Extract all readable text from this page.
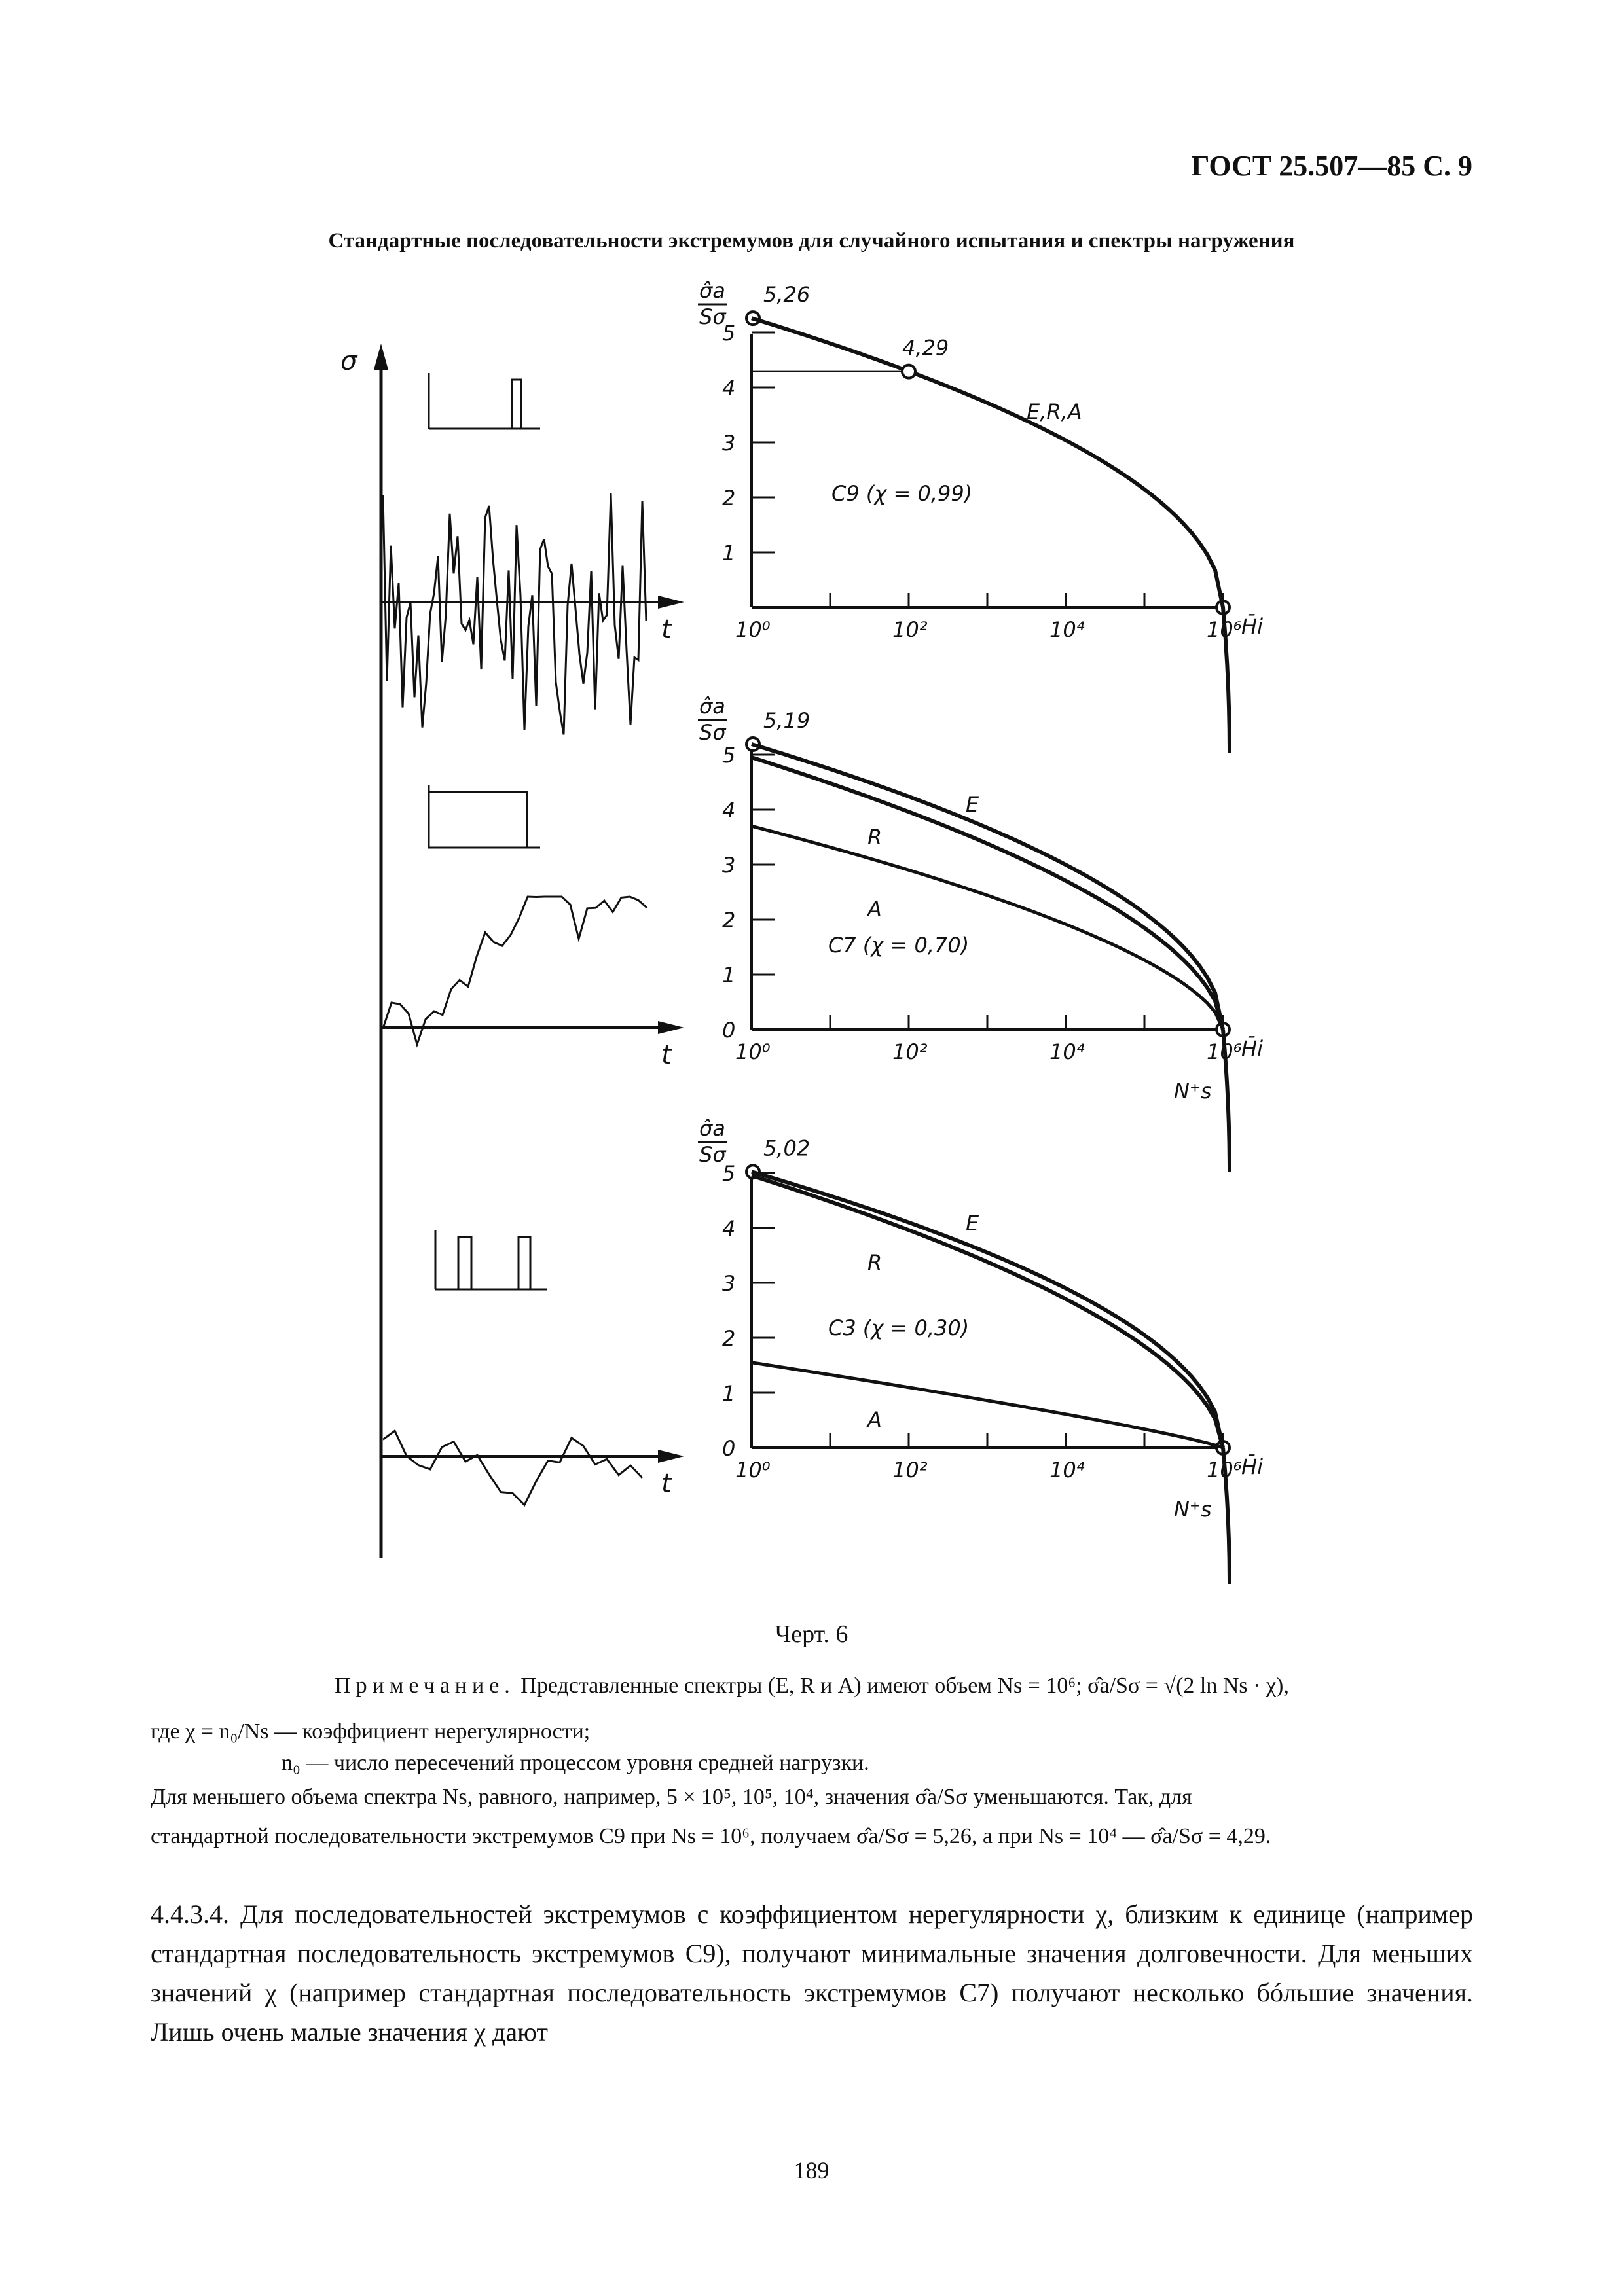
ГОСТ 25.507—85 С. 9
Стандартные последовательности экстремумов для случайного испытания и спектры нагружения
σ
t
t
t
σ̂a
Sσ
5
4
3
2
1
10⁰	10²	10⁴	10⁶ H̄i
5,26
4,29
E,R,A
C9 (χ = 0,99)
σ̂a
Sσ
5
4
3
2
1
0
10⁰	10²	10⁴	10⁶ H̄i
5,19
E
R
A
C7 (χ = 0,70)
N⁺s
σ̂a
Sσ
5
4
3
2
1
0
10⁰	10²	10⁴	10⁶ H̄i
5,02
E
R
A
C3 (χ = 0,30)
N⁺s
Черт. 6
Примечание. Представленные спектры (E, R и A) имеют объем Ns = 10⁶; σ̂a/Sσ = √(2 ln Ns · χ),
где χ = n₀/Ns — коэффициент нерегулярности;
n₀ — число пересечений процессом уровня средней нагрузки.
Для меньшего объема спектра Ns, равного, например, 5 × 10⁵, 10⁵, 10⁴, значения σ̂a/Sσ уменьшаются. Так, для
стандартной последовательности экстремумов C9 при Ns = 10⁶, получаем σ̂a/Sσ = 5,26, а при Ns = 10⁴ — σ̂a/Sσ = 4,29.
4.4.3.4. Для последовательностей экстремумов с коэффициентом нерегулярности χ, близким к единице (например стандартная последовательность экстремумов C9), получают минимальные значения долговечности. Для меньших значений χ (например стандартная последовательность экстремумов C7) получают несколько бóльшие значения. Лишь очень малые значения χ дают
189
